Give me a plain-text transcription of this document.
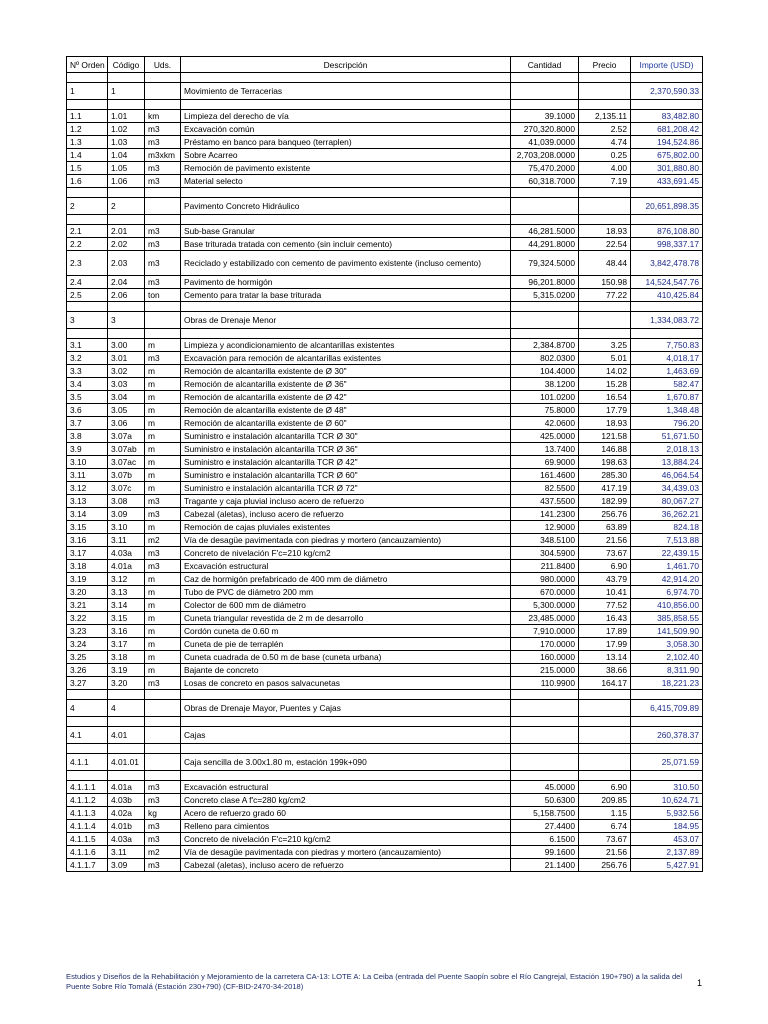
Nº Orden	Código	Uds.	Descripción	Cantidad	Precio	Importe (USD)

1	1		Movimiento de Terracerias			2,370,590.33

1.1	1.01	km	Limpieza del derecho de vía	39.1000	2,135.11	83,482.80
1.2	1.02	m3	Excavación común	270,320.8000	2.52	681,208.42
1.3	1.03	m3	Préstamo en banco para banqueo (terraplen)	41,039.0000	4.74	194,524.86
1.4	1.04	m3xkm	Sobre Acarreo	2,703,208.0000	0.25	675,802.00
1.5	1.05	m3	Remoción de pavimento existente	75,470.2000	4.00	301,880.80
1.6	1.06	m3	Material selecto	60,318.7000	7.19	433,691.45

2	2		Pavimento Concreto Hidráulico			20,651,898.35

2.1	2.01	m3	Sub-base Granular	46,281.5000	18.93	876,108.80
2.2	2.02	m3	Base triturada tratada con cemento (sin incluir cemento)	44,291.8000	22.54	998,337.17
2.3	2.03	m3	Reciclado y estabilizado con cemento de pavimento existente (incluso cemento)	79,324.5000	48.44	3,842,478.78
2.4	2.04	m3	Pavimento de hormigón	96,201.8000	150.98	14,524,547.76
2.5	2.06	ton	Cemento para tratar la base triturada	5,315.0200	77.22	410,425.84

3	3		Obras de Drenaje Menor			1,334,083.72

3.1	3.00	m	Limpieza y acondicionamiento de alcantarillas existentes	2,384.8700	3.25	7,750.83
3.2	3.01	m3	Excavación para remoción de alcantarillas existentes	802.0300	5.01	4,018.17
3.3	3.02	m	Remoción de alcantarilla existente de Ø 30"	104.4000	14.02	1,463.69
3.4	3.03	m	Remoción de alcantarilla existente de Ø 36"	38.1200	15.28	582.47
3.5	3.04	m	Remoción de alcantarilla existente de Ø 42"	101.0200	16.54	1,670.87
3.6	3.05	m	Remoción de alcantarilla existente de Ø 48"	75.8000	17.79	1,348.48
3.7	3.06	m	Remoción de alcantarilla existente de Ø 60"	42.0600	18.93	796.20
3.8	3.07a	m	Suministro e instalación alcantarilla TCR Ø 30"	425.0000	121.58	51,671.50
3.9	3.07ab	m	Suministro e instalación alcantarilla TCR Ø 36"	13.7400	146.88	2,018.13
3.10	3.07ac	m	Suministro e instalación alcantarilla TCR Ø 42"	69.9000	198.63	13,884.24
3.11	3.07b	m	Suministro e instalación alcantarilla TCR Ø 60"	161.4600	285.30	46,064.54
3.12	3.07c	m	Suministro e instalación alcantarilla TCR Ø 72"	82.5500	417.19	34,439.03
3.13	3.08	m3	Tragante y caja pluvial incluso acero de refuerzo	437.5500	182.99	80,067.27
3.14	3.09	m3	Cabezal (aletas), incluso acero de refuerzo	141.2300	256.76	36,262.21
3.15	3.10	m	Remoción de cajas pluviales existentes	12.9000	63.89	824.18
3.16	3.11	m2	Vía de desagüe pavimentada con piedras y mortero (ancauzamiento)	348.5100	21.56	7,513.88
3.17	4.03a	m3	Concreto de nivelación F'c=210 kg/cm2	304.5900	73.67	22,439.15
3.18	4.01a	m3	Excavación estructural	211.8400	6.90	1,461.70
3.19	3.12	m	Caz de hormigón prefabricado de 400 mm de diámetro	980.0000	43.79	42,914.20
3.20	3.13	m	Tubo de PVC de diámetro 200 mm	670.0000	10.41	6,974.70
3.21	3.14	m	Colector de 600 mm de diámetro	5,300.0000	77.52	410,856.00
3.22	3.15	m	Cuneta triangular revestida de 2 m de desarrollo	23,485.0000	16.43	385,858.55
3.23	3.16	m	Cordón cuneta de 0.60 m	7,910.0000	17.89	141,509.90
3.24	3.17	m	Cuneta de pie de terraplén	170.0000	17.99	3,058.30
3.25	3.18	m	Cuneta cuadrada de 0.50 m de base (cuneta urbana)	160.0000	13.14	2,102.40
3.26	3.19	m	Bajante de concreto	215.0000	38.66	8,311.90
3.27	3.20	m3	Losas de concreto en pasos salvacunetas	110.9900	164.17	18,221.23

4	4		Obras de Drenaje Mayor, Puentes y Cajas			6,415,709.89

4.1	4.01		Cajas			260,378.37

4.1.1	4.01.01		Caja sencilla de 3.00x1.80 m, estación 199k+090			25,071.59

4.1.1.1	4.01a	m3	Excavación estructural	45.0000	6.90	310.50
4.1.1.2	4.03b	m3	Concreto clase A f'c=280 kg/cm2	50.6300	209.85	10,624.71
4.1.1.3	4.02a	kg	Acero de refuerzo grado 60	5,158.7500	1.15	5,932.56
4.1.1.4	4.01b	m3	Relleno para cimientos	27.4400	6.74	184.95
4.1.1.5	4.03a	m3	Concreto de nivelación F'c=210 kg/cm2	6.1500	73.67	453.07
4.1.1.6	3.11	m2	Vía de desagüe pavimentada con piedras y mortero (ancauzamiento)	99.1600	21.56	2,137.89
4.1.1.7	3.09	m3	Cabezal (aletas), incluso acero de refuerzo	21.1400	256.76	5,427.91
Estudios y Diseños de la Rehabilitación y Mejoramiento de la carretera CA-13: LOTE A: La Ceiba (entrada del Puente Saopín sobre el Río Cangrejal, Estación 190+790) a la salida del Puente Sobre Río Tomalá (Estación 230+790) (CF-BID-2470-34-2018)	1
